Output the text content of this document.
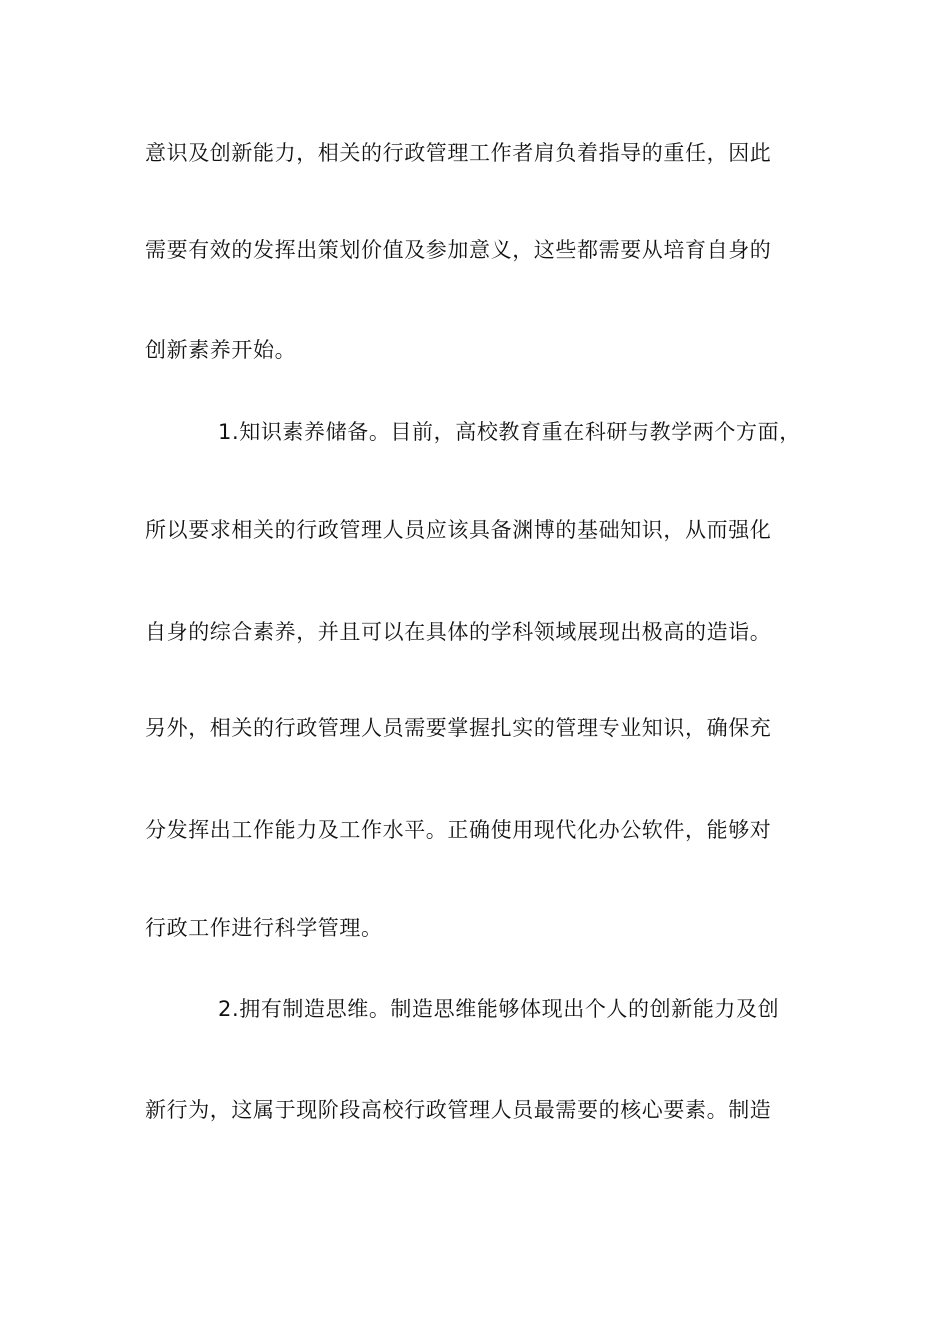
意识及创新能力，相关的行政管理工作者肩负着指导的重任，因此
需要有效的发挥出策划价值及参加意义，这些都需要从培育自身的
创新素养开始。
1.知识素养储备。目前，高校教育重在科研与教学两个方面，
所以要求相关的行政管理人员应该具备渊博的基础知识，从而强化
自身的综合素养，并且可以在具体的学科领域展现出极高的造诣。
另外，相关的行政管理人员需要掌握扎实的管理专业知识，确保充
分发挥出工作能力及工作水平。正确使用现代化办公软件，能够对
行政工作进行科学管理。
2.拥有制造思维。制造思维能够体现出个人的创新能力及创
新行为，这属于现阶段高校行政管理人员最需要的核心要素。制造
